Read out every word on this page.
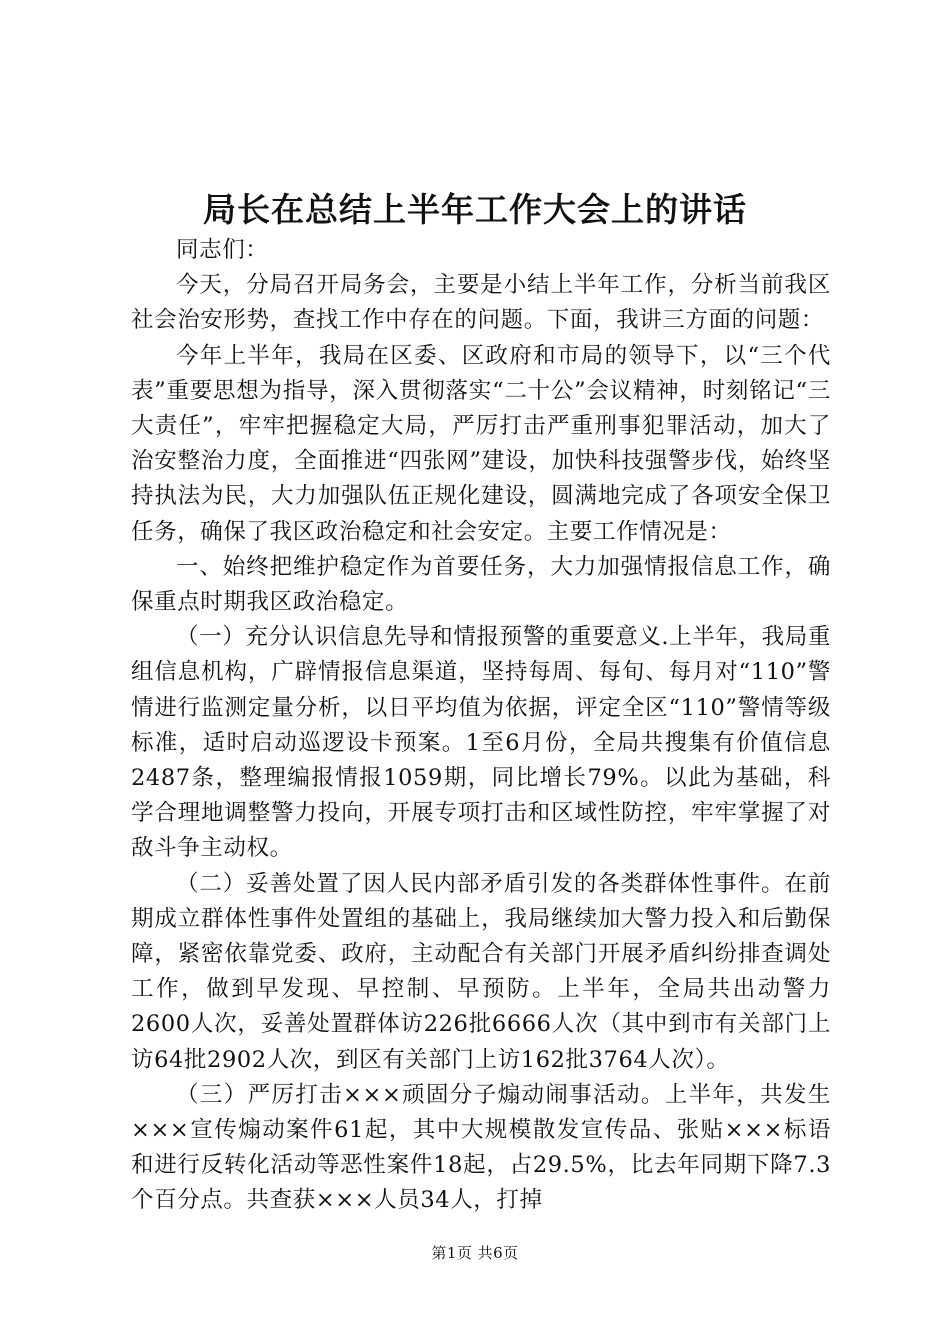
局长在总结上半年工作大会上的讲话

同志们：

今天，分局召开局务会，主要是小结上半年工作，分析当前我区社会治安形势，查找工作中存在的问题。下面，我讲三方面的问题：

今年上半年，我局在区委、区政府和市局的领导下，以“三个代表”重要思想为指导，深入贯彻落实“二十公”会议精神，时刻铭记“三大责任”，牢牢把握稳定大局，严厉打击严重刑事犯罪活动，加大了治安整治力度，全面推进“四张网”建设，加快科技强警步伐，始终坚持执法为民，大力加强队伍正规化建设，圆满地完成了各项安全保卫任务，确保了我区政治稳定和社会安定。主要工作情况是：

一、始终把维护稳定作为首要任务，大力加强情报信息工作，确保重点时期我区政治稳定。

（一）充分认识信息先导和情报预警的重要意义.上半年，我局重组信息机构，广辟情报信息渠道，坚持每周、每旬、每月对“110”警情进行监测定量分析，以日平均值为依据，评定全区“110”警情等级标准，适时启动巡逻设卡预案。1至6月份，全局共搜集有价值信息2487条，整理编报情报1059期，同比增长79%。以此为基础，科学合理地调整警力投向，开展专项打击和区域性防控，牢牢掌握了对敌斗争主动权。

（二）妥善处置了因人民内部矛盾引发的各类群体性事件。在前期成立群体性事件处置组的基础上，我局继续加大警力投入和后勤保障，紧密依靠党委、政府，主动配合有关部门开展矛盾纠纷排查调处工作，做到早发现、早控制、早预防。上半年，全局共出动警力2600人次，妥善处置群体访226批6666人次（其中到市有关部门上访64批2902人次，到区有关部门上访162批3764人次）。

（三）严厉打击×××顽固分子煽动闹事活动。上半年，共发生×××宣传煽动案件61起，其中大规模散发宣传品、张贴×××标语和进行反转化活动等恶性案件18起，占29.5%，比去年同期下降7.3个百分点。共查获×××人员34人，打掉

第1页 共6页
